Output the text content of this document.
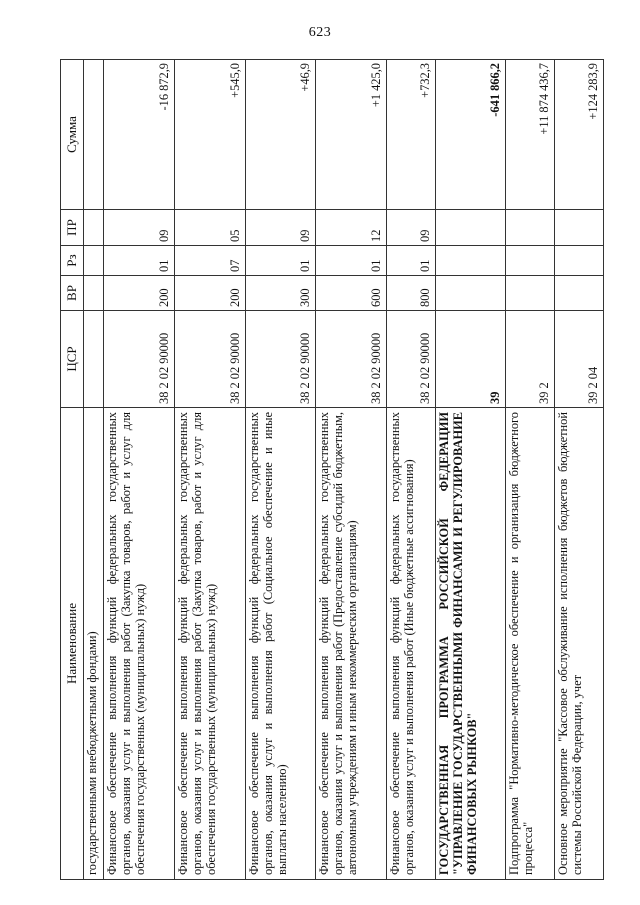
623
Наименование	ЦСР	ВР	Рз	ПР	Сумма
государственными внебюджетными фондами)					
Финансовое обеспечение выполнения функций федеральных государственных органов, оказания услуг и выполнения работ (Закупка товаров, работ и услуг для обеспечения государственных (муниципальных) нужд)	38 2 02 90000	200	01	09	-16 872,9
Финансовое обеспечение выполнения функций федеральных государственных органов, оказания услуг и выполнения работ (Закупка товаров, работ и услуг для обеспечения государственных (муниципальных) нужд)	38 2 02 90000	200	07	05	+545,0
Финансовое обеспечение выполнения функций федеральных государственных органов, оказания услуг и выполнения работ (Социальное обеспечение и иные выплаты населению)	38 2 02 90000	300	01	09	+46,9
Финансовое обеспечение выполнения функций федеральных государственных органов, оказания услуг и выполнения работ (Предоставление субсидий бюджетным, автономным учреждениям и иным некоммерческим организациям)	38 2 02 90000	600	01	12	+1 425,0
Финансовое обеспечение выполнения функций федеральных государственных органов, оказания услуг и выполнения работ (Иные бюджетные ассигнования)	38 2 02 90000	800	01	09	+732,3
ГОСУДАРСТВЕННАЯ ПРОГРАММА РОССИЙСКОЙ ФЕДЕРАЦИИ "УПРАВЛЕНИЕ ГОСУДАРСТВЕННЫМИ ФИНАНСАМИ И РЕГУЛИРОВАНИЕ ФИНАНСОВЫХ РЫНКОВ"	39				-641 866,2
Подпрограмма "Нормативно-методическое обеспечение и организация бюджетного процесса"	39 2				+11 874 436,7
Основное мероприятие "Кассовое обслуживание исполнения бюджетов бюджетной системы Российской Федерации, учет	39 2 04				+124 283,9
